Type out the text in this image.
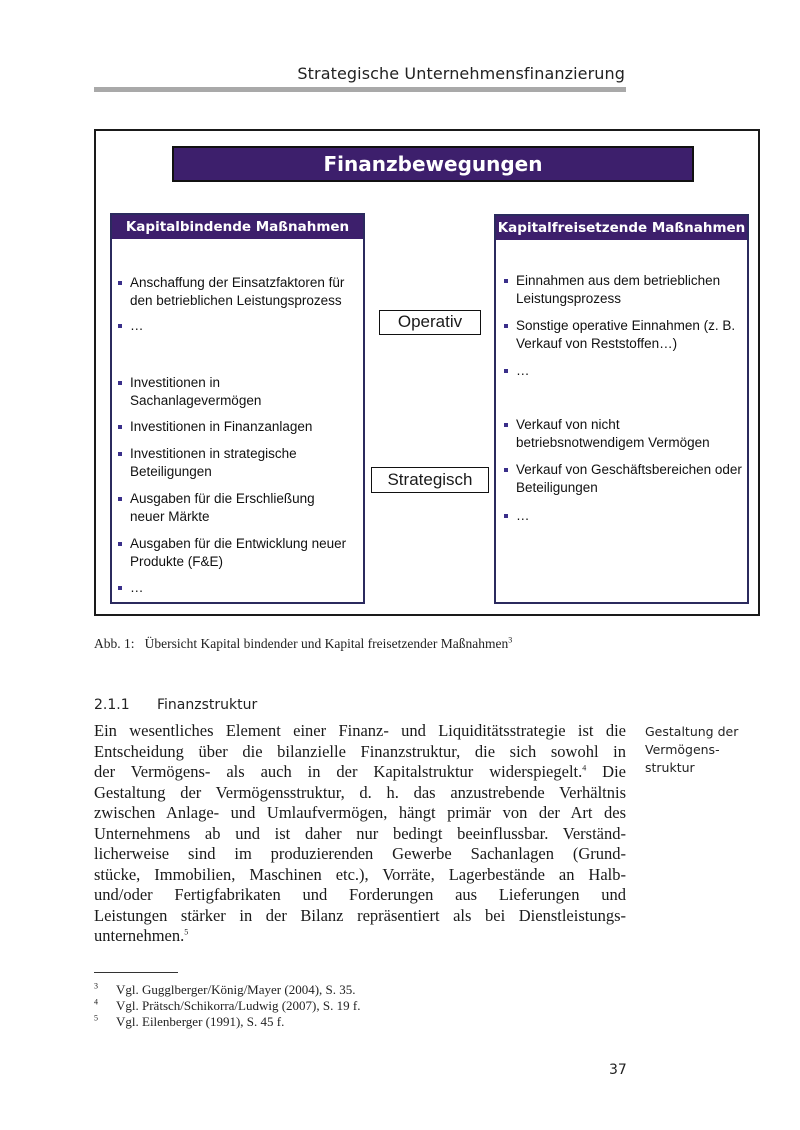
Strategische Unternehmensfinanzierung
Finanzbewegungen
Kapitalbindende Maßnahmen	Kapitalfreisetzende Maßnahmen
Anschaffung der Einsatzfaktoren für den betrieblichen Leistungsprozess
…
Investitionen in Sachanlagevermögen
Investitionen in Finanzanlagen
Investitionen in strategische Beteiligungen
Ausgaben für die Erschließung neuer Märkte
Ausgaben für die Entwicklung neuer Produkte (F&E)
…
Einnahmen aus dem betrieblichen Leistungsprozess
Sonstige operative Einnahmen (z. B. Verkauf von Reststoffen…)
…
Verkauf von nicht betriebsnotwendigem Vermögen
Verkauf von Geschäftsbereichen oder Beteiligungen
…
Operativ
Strategisch
Abb. 1: Übersicht Kapital bindender und Kapital freisetzender Maßnahmen$^3$
2.1.1 Finanzstruktur
Ein wesentliches Element einer Finanz- und Liquiditätsstrategie ist die
Entscheidung über die bilanzielle Finanzstruktur, die sich sowohl in
der Vermögens- als auch in der Kapitalstruktur widerspiegelt.$^4$ Die
Gestaltung der Vermögensstruktur, d. h. das anzustrebende Verhältnis
zwischen Anlage- und Umlaufvermögen, hängt primär von der Art des
Unternehmens ab und ist daher nur bedingt beeinflussbar. Verständ-
licherweise sind im produzierenden Gewerbe Sachanlagen (Grund-
stücke, Immobilien, Maschinen etc.), Vorräte, Lagerbestände an Halb-
und/oder Fertigfabrikaten und Forderungen aus Lieferungen und
Leistungen stärker in der Bilanz repräsentiert als bei Dienstleistungs-
unternehmen.$^5$
Gestaltung der
Vermögens-
struktur
$^3$ Vgl. Gugglberger/König/Mayer (2004), S. 35.
$^4$ Vgl. Prätsch/Schikorra/Ludwig (2007), S. 19 f.
$^5$ Vgl. Eilenberger (1991), S. 45 f.
37
